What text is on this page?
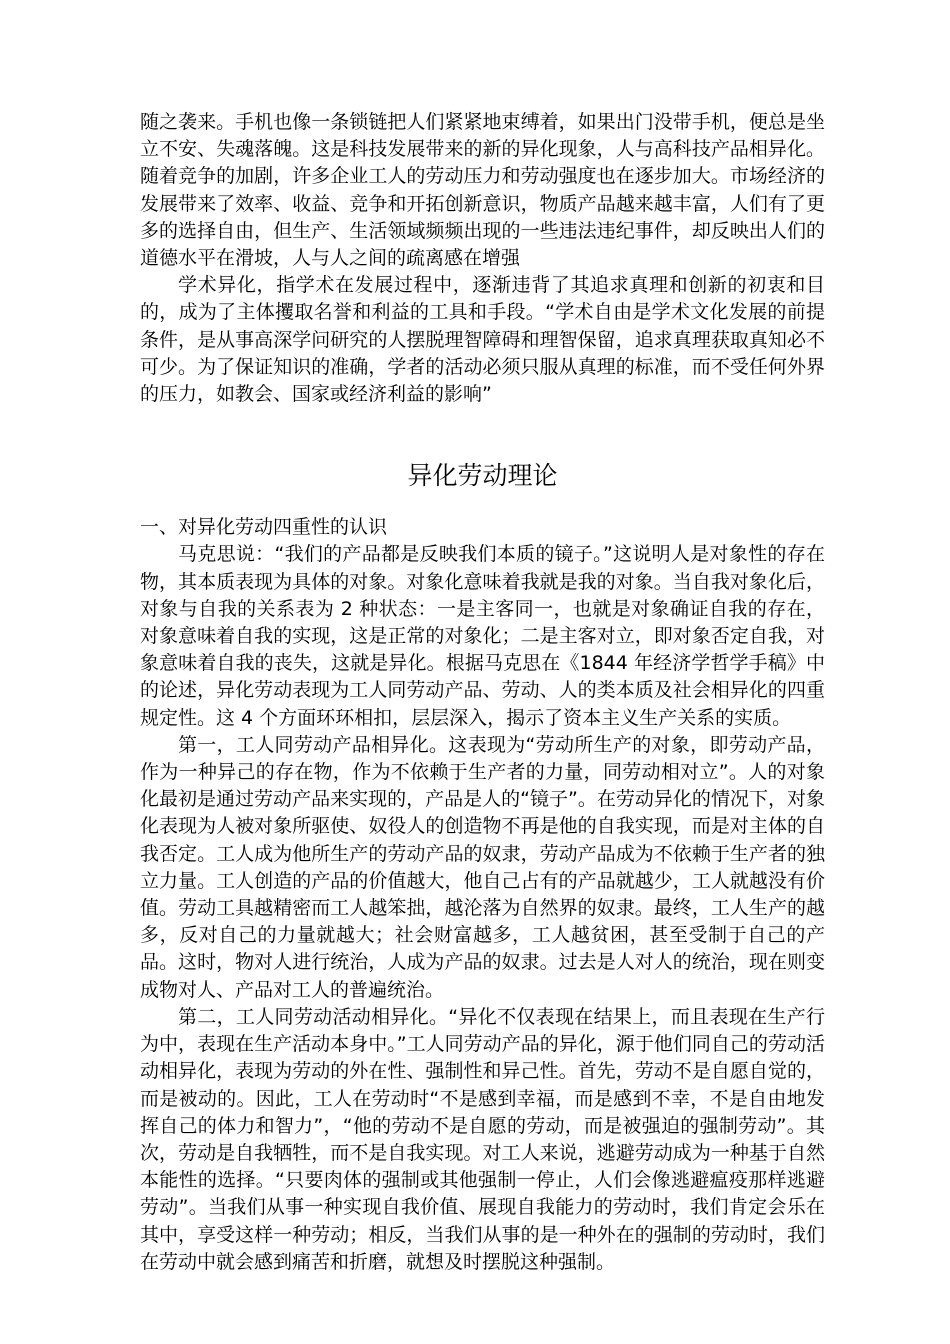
随之袭来。手机也像一条锁链把人们紧紧地束缚着，如果出门没带手机，便总是坐立不安、失魂落魄。这是科技发展带来的新的异化现象，人与高科技产品相异化。随着竞争的加剧，许多企业工人的劳动压力和劳动强度也在逐步加大。市场经济的发展带来了效率、收益、竞争和开拓创新意识，物质产品越来越丰富，人们有了更多的选择自由，但生产、生活领域频频出现的一些违法违纪事件，却反映出人们的道德水平在滑坡，人与人之间的疏离感在增强

学术异化，指学术在发展过程中，逐渐违背了其追求真理和创新的初衷和目的，成为了主体攫取名誉和利益的工具和手段。“学术自由是学术文化发展的前提条件，是从事高深学问研究的人摆脱理智障碍和理智保留，追求真理获取真知必不可少。为了保证知识的准确，学者的活动必须只服从真理的标准，而不受任何外界的压力，如教会、国家或经济利益的影响”

异化劳动理论

一、对异化劳动四重性的认识

马克思说：“我们的产品都是反映我们本质的镜子。”这说明人是对象性的存在物，其本质表现为具体的对象。对象化意味着我就是我的对象。当自我对象化后，对象与自我的关系表为 2 种状态：一是主客同一，也就是对象确证自我的存在，对象意味着自我的实现，这是正常的对象化；二是主客对立，即对象否定自我，对象意味着自我的丧失，这就是异化。根据马克思在《1844 年经济学哲学手稿》中的论述，异化劳动表现为工人同劳动产品、劳动、人的类本质及社会相异化的四重规定性。这 4 个方面环环相扣，层层深入，揭示了资本主义生产关系的实质。

第一，工人同劳动产品相异化。这表现为“劳动所生产的对象，即劳动产品，作为一种异己的存在物，作为不依赖于生产者的力量，同劳动相对立”。人的对象化最初是通过劳动产品来实现的，产品是人的“镜子”。在劳动异化的情况下，对象化表现为人被对象所驱使、奴役人的创造物不再是他的自我实现，而是对主体的自我否定。工人成为他所生产的劳动产品的奴隶，劳动产品成为不依赖于生产者的独立力量。工人创造的产品的价值越大，他自己占有的产品就越少，工人就越没有价值。劳动工具越精密而工人越笨拙，越沦落为自然界的奴隶。最终，工人生产的越多，反对自己的力量就越大；社会财富越多，工人越贫困，甚至受制于自己的产品。这时，物对人进行统治，人成为产品的奴隶。过去是人对人的统治，现在则变成物对人、产品对工人的普遍统治。

第二，工人同劳动活动相异化。“异化不仅表现在结果上，而且表现在生产行为中，表现在生产活动本身中。”工人同劳动产品的异化，源于他们同自己的劳动活动相异化，表现为劳动的外在性、强制性和异己性。首先，劳动不是自愿自觉的，而是被动的。因此，工人在劳动时“不是感到幸福，而是感到不幸，不是自由地发挥自己的体力和智力”，“他的劳动不是自愿的劳动，而是被强迫的强制劳动”。其次，劳动是自我牺牲，而不是自我实现。对工人来说，逃避劳动成为一种基于自然本能性的选择。“只要肉体的强制或其他强制一停止，人们会像逃避瘟疫那样逃避劳动”。当我们从事一种实现自我价值、展现自我能力的劳动时，我们肯定会乐在其中，享受这样一种劳动；相反，当我们从事的是一种外在的强制的劳动时，我们在劳动中就会感到痛苦和折磨，就想及时摆脱这种强制。
